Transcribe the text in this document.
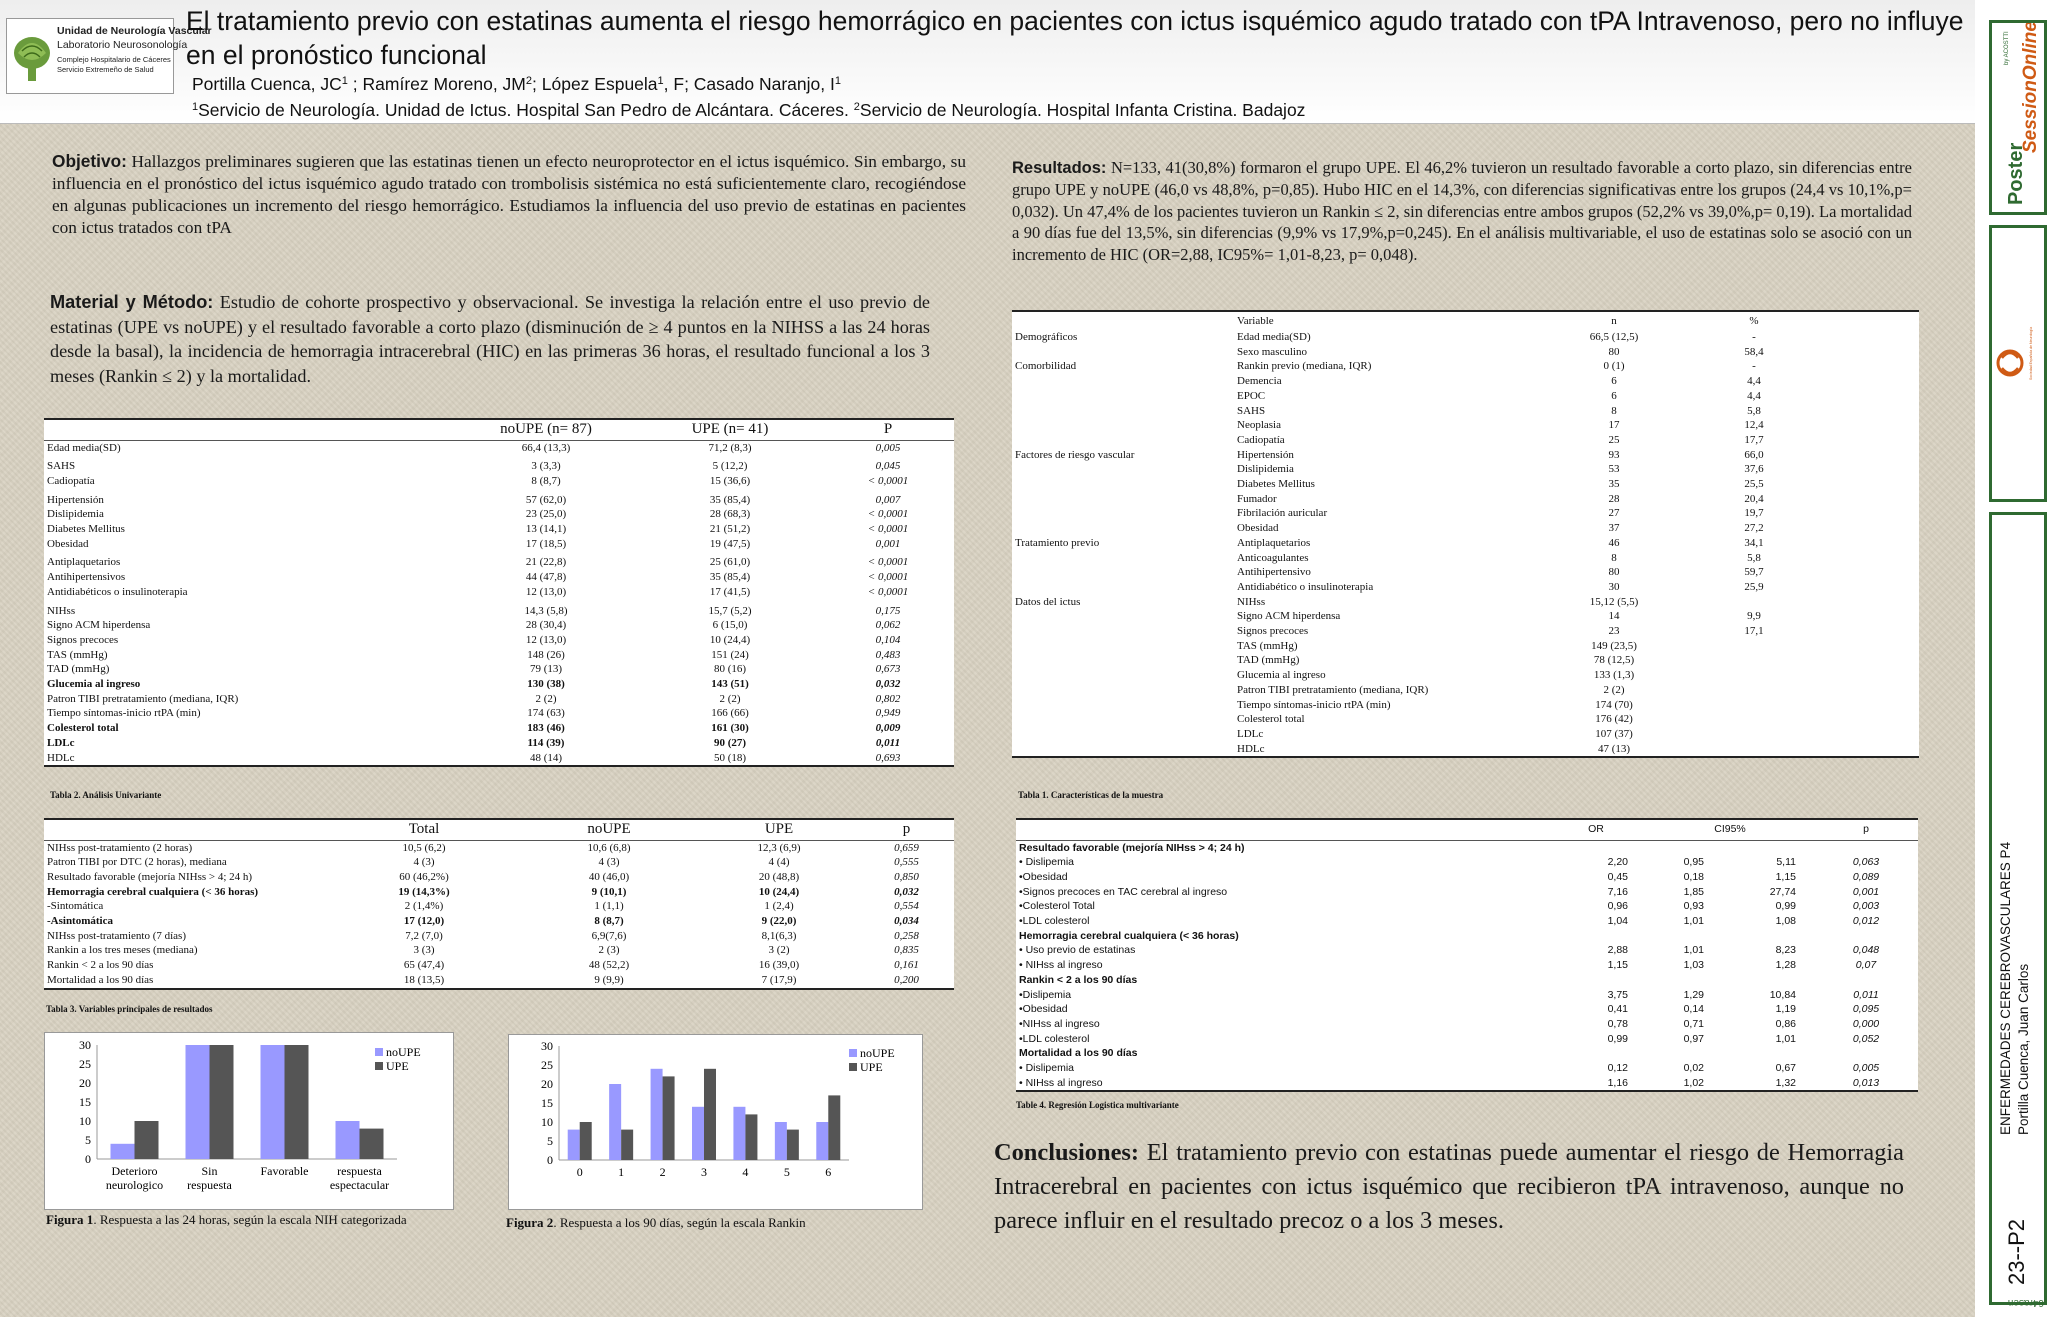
Unidad de Neurología Vascular
Laboratorio Neurosonología
Complejo Hospitalario de Cáceres
Servicio Extremeño de Salud
El tratamiento previo con estatinas aumenta el riesgo hemorrágico en pacientes con ictus isquémico agudo tratado con tPA Intravenoso, pero no influye en el pronóstico funcional
Portilla Cuenca, $JC^1$ ; Ramírez Moreno, $JM^2$; López Espuela$^1$, F; Casado Naranjo, $I^1$
$^1$Servicio de Neurología. Unidad de Ictus. Hospital San Pedro de Alcántara. Cáceres. $^2$Servicio de Neurología. Hospital Infanta Cristina. Badajoz
Objetivo: Hallazgos preliminares sugieren que las estatinas tienen un efecto neuroprotector en el ictus isquémico. Sin embargo, su influencia en el pronóstico del ictus isquémico agudo tratado con trombolisis sistémica no está suficientemente claro, recogiéndose en algunas publicaciones un incremento del riesgo hemorrágico. Estudiamos la influencia del uso previo de estatinas en pacientes con ictus tratados con tPA
Material y Método: Estudio de cohorte prospectivo y observacional. Se investiga la relación entre el uso previo de estatinas (UPE vs noUPE) y el resultado favorable a corto plazo (disminución de ≥ 4 puntos en la NIHSS a las 24 horas desde la basal), la incidencia de hemorragia intracerebral (HIC) en las primeras 36 horas, el resultado funcional a los 3 meses (Rankin ≤ 2) y la mortalidad.
	noUPE (n= 87)	UPE (n= 41)	P
Edad media(SD)	66,4 (13,3)	71,2 (8,3)	0,005

SAHS	3 (3,3)	5 (12,2)	0,045
Cadiopatía	8 (8,7)	15 (36,6)	< 0,0001

Hipertensión	57 (62,0)	35 (85,4)	0,007
Dislipidemia	23 (25,0)	28 (68,3)	< 0,0001
Diabetes Mellitus	13 (14,1)	21 (51,2)	< 0,0001
Obesidad	17 (18,5)	19 (47,5)	0,001

Antiplaquetarios	21 (22,8)	25 (61,0)	< 0,0001
Antihipertensivos	44 (47,8)	35 (85,4)	< 0,0001
Antidiabéticos o insulinoterapia	12 (13,0)	17 (41,5)	< 0,0001

NIHss	14,3 (5,8)	15,7 (5,2)	0,175
Signo ACM hiperdensa	28 (30,4)	6 (15,0)	0,062
Signos precoces	12 (13,0)	10 (24,4)	0,104
TAS (mmHg)	148 (26)	151 (24)	0,483
TAD (mmHg)	79 (13)	80 (16)	0,673
Glucemia al ingreso	130 (38)	143 (51)	0,032
Patron TIBI pretratamiento (mediana, IQR)	2 (2)	2 (2)	0,802
Tiempo síntomas-inicio rtPA (min)	174 (63)	166 (66)	0,949
Colesterol total	183 (46)	161 (30)	0,009
LDLc	114 (39)	90 (27)	0,011
HDLc	48 (14)	50 (18)	0,693
Tabla 2. Análisis Univariante
	Total	noUPE	UPE	p
NIHss post-tratamiento (2 horas)	10,5 (6,2)	10,6 (6,8)	12,3 (6,9)	0,659
Patron TIBI por DTC (2 horas), mediana	4 (3)	4 (3)	4 (4)	0,555
Resultado favorable (mejoría NIHss > 4; 24 h)	60 (46,2%)	40 (46,0)	20 (48,8)	0,850
Hemorragia cerebral cualquiera (< 36 horas)	19 (14,3%)	9 (10,1)	10 (24,4)	0,032
-Sintomática	2 (1,4%)	1 (1,1)	1 (2,4)	0,554
-Asintomática	17 (12,0)	8 (8,7)	9 (22,0)	0,034
NIHss post-tratamiento (7 días)	7,2 (7,0)	6,9(7,6)	8,1(6,3)	0,258
Rankin a los tres meses (mediana)	3 (3)	2 (3)	3 (2)	0,835
Rankin < 2 a los 90 días	65 (47,4)	48 (52,2)	16 (39,0)	0,161
Mortalidad a los 90 días	18 (13,5)	9 (9,9)	7 (17,9)	0,200
Tabla 3. Variables principales de resultados
0
5
10
15
20
25
30
Deterioro neurologico
Sin respuesta
Favorable	respuesta espectacular
noUPE
UPE
Figura 1. Respuesta a las 24 horas, según la escala NIH categorizada
0
5
10
15
20
25
30
0	1	2	3	4	5	6
noUPE
UPE
Figura 2. Respuesta a los 90 días, según la escala Rankin
Resultados: N=133, 41(30,8%) formaron el grupo UPE. El 46,2% tuvieron un resultado favorable a corto plazo, sin diferencias entre grupo UPE y noUPE (46,0 vs 48,8%, p=0,85). Hubo HIC en el 14,3%, con diferencias significativas entre los grupos (24,4 vs 10,1%,p= 0,032). Un 47,4% de los pacientes tuvieron un Rankin ≤ 2, sin diferencias entre ambos grupos (52,2% vs 39,0%,p= 0,19). La mortalidad a 90 días fue del 13,5%, sin diferencias (9,9% vs 17,9%,p=0,245). En el análisis multivariable, el uso de estatinas solo se asoció con un incremento de HIC (OR=2,88, IC95%= 1,01-8,23, p= 0,048).
	Variable	n	%	
Demográficos	Edad media(SD)	66,5 (12,5)	-	
	Sexo masculino	80	58,4	
Comorbilidad	Rankin previo (mediana, IQR)	0 (1)	-	
	Demencia	6	4,4	
	EPOC	6	4,4	
	SAHS	8	5,8	
	Neoplasia	17	12,4	
	Cadiopatía	25	17,7	
Factores de riesgo vascular	Hipertensión	93	66,0	
	Dislipidemia	53	37,6	
	Diabetes Mellitus	35	25,5	
	Fumador	28	20,4	
	Fibrilación auricular	27	19,7	
	Obesidad	37	27,2	
Tratamiento previo	Antiplaquetarios	46	34,1	
	Anticoagulantes	8	5,8	
	Antihipertensivo	80	59,7	
	Antidiabético o insulinoterapia	30	25,9	
Datos del ictus	NIHss	15,12 (5,5)		
	Signo ACM hiperdensa	14	9,9	
	Signos precoces	23	17,1	
	TAS (mmHg)	149 (23,5)		
	TAD (mmHg)	78 (12,5)		
	Glucemia al ingreso	133 (1,3)		
	Patron TIBI pretratamiento (mediana, IQR)	2 (2)		
	Tiempo síntomas-inicio rtPA (min)	174 (70)		
	Colesterol total	176 (42)		
	LDLc	107 (37)		
	HDLc	47 (13)		
Tabla 1. Características de la muestra
	OR	CI95%		p
Resultado favorable (mejoría NIHss > 4; 24 h)				
• Dislipemia	2,20	0,95	5,11	0,063
•Obesidad	0,45	0,18	1,15	0,089
•Signos precoces en TAC cerebral al ingreso	7,16	1,85	27,74	0,001
•Colesterol Total	0,96	0,93	0,99	0,003
•LDL colesterol	1,04	1,01	1,08	0,012
Hemorragia cerebral cualquiera (< 36 horas)				
• Uso previo de estatinas	2,88	1,01	8,23	0,048
• NIHss al ingreso	1,15	1,03	1,28	0,07
Rankin < 2 a los 90 días				
•Dislipemia	3,75	1,29	10,84	0,011
•Obesidad	0,41	0,14	1,19	0,095
•NIHss al ingreso	0,78	0,71	0,86	0,000
•LDL colesterol	0,99	0,97	1,01	0,052
Mortalidad a los 90 días				
• Dislipemia	0,12	0,02	0,67	0,005
• NIHss al ingreso	1,16	1,02	1,32	0,013
Table 4. Regresión Logistica multivariante
Conclusiones: El tratamiento previo con estatinas puede aumentar el riesgo de Hemorragia Intracerebral en pacientes con ictus isquémico que recibieron tPA intravenoso, aunque no parece influir en el resultado precoz o a los 3 meses.
Poster
SessionOnline
by ACOSTTI
Sociedad Española de Neurología
ENFERMEDADES CEREBROVASCULARES P4 Portilla Cuenca, Juan Carlos
23--P2
64rasen
